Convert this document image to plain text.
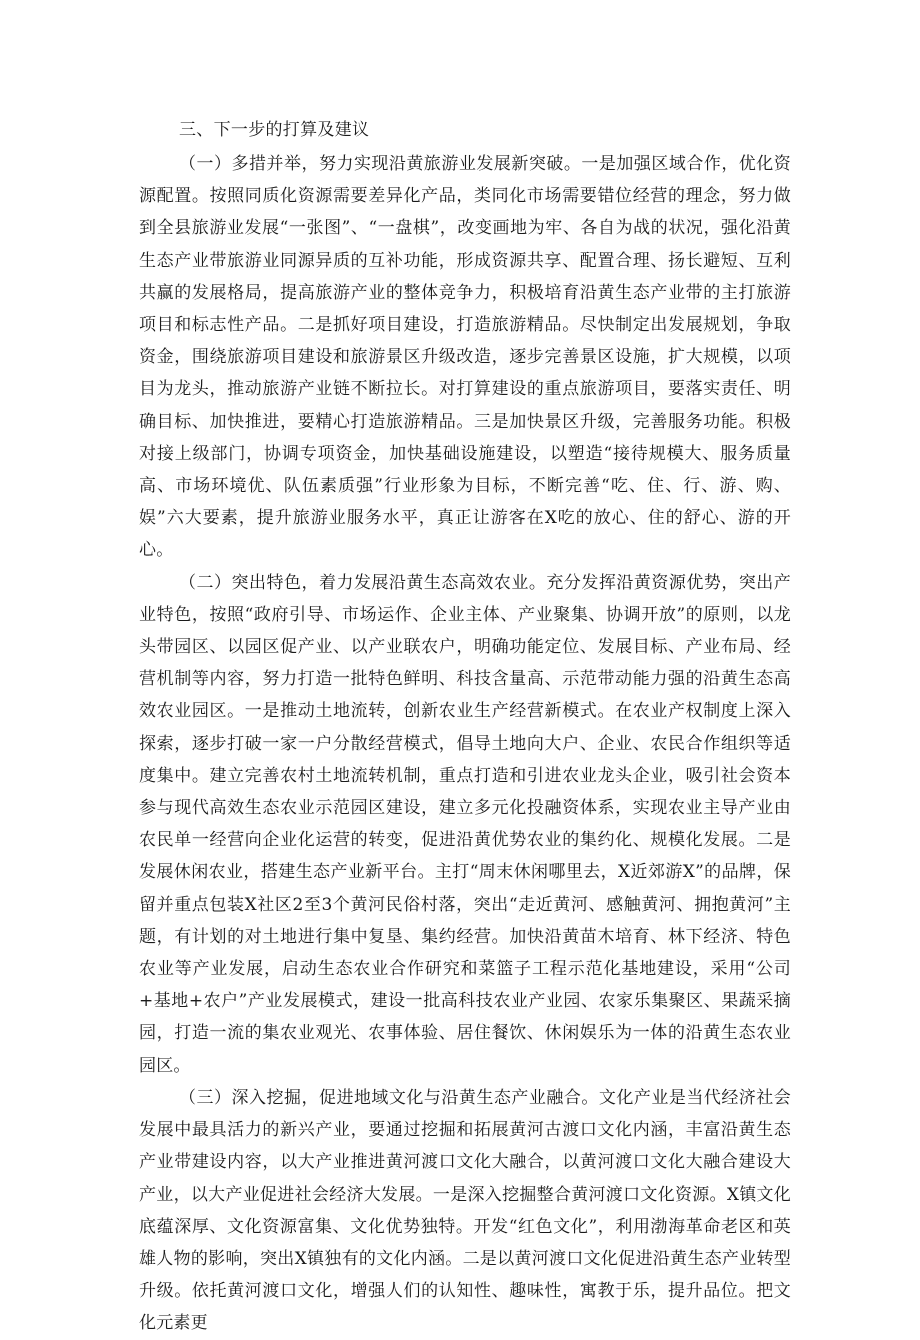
三、下一步的打算及建议

（一）多措并举，努力实现沿黄旅游业发展新突破。一是加强区域合作，优化资源配置。按照同质化资源需要差异化产品，类同化市场需要错位经营的理念，努力做到全县旅游业发展“一张图”、“一盘棋”，改变画地为牢、各自为战的状况，强化沿黄生态产业带旅游业同源异质的互补功能，形成资源共享、配置合理、扬长避短、互利共赢的发展格局，提高旅游产业的整体竞争力，积极培育沿黄生态产业带的主打旅游项目和标志性产品。二是抓好项目建设，打造旅游精品。尽快制定出发展规划，争取资金，围绕旅游项目建设和旅游景区升级改造，逐步完善景区设施，扩大规模，以项目为龙头，推动旅游产业链不断拉长。对打算建设的重点旅游项目，要落实责任、明确目标、加快推进，要精心打造旅游精品。三是加快景区升级，完善服务功能。积极对接上级部门，协调专项资金，加快基础设施建设，以塑造“接待规模大、服务质量高、市场环境优、队伍素质强”行业形象为目标，不断完善“吃、住、行、游、购、娱”六大要素，提升旅游业服务水平，真正让游客在X吃的放心、住的舒心、游的开心。

（二）突出特色，着力发展沿黄生态高效农业。充分发挥沿黄资源优势，突出产业特色，按照“政府引导、市场运作、企业主体、产业聚集、协调开放”的原则，以龙头带园区、以园区促产业、以产业联农户，明确功能定位、发展目标、产业布局、经营机制等内容，努力打造一批特色鲜明、科技含量高、示范带动能力强的沿黄生态高效农业园区。一是推动土地流转，创新农业生产经营新模式。在农业产权制度上深入探索，逐步打破一家一户分散经营模式，倡导土地向大户、企业、农民合作组织等适度集中。建立完善农村土地流转机制，重点打造和引进农业龙头企业，吸引社会资本参与现代高效生态农业示范园区建设，建立多元化投融资体系，实现农业主导产业由农民单一经营向企业化运营的转变，促进沿黄优势农业的集约化、规模化发展。二是发展休闲农业，搭建生态产业新平台。主打“周末休闲哪里去，X近郊游X”的品牌，保留并重点包装X社区2至3个黄河民俗村落，突出“走近黄河、感触黄河、拥抱黄河”主题，有计划的对土地进行集中复垦、集约经营。加快沿黄苗木培育、林下经济、特色农业等产业发展，启动生态农业合作研究和菜篮子工程示范化基地建设，采用“公司+基地+农户”产业发展模式，建设一批高科技农业产业园、农家乐集聚区、果蔬采摘园，打造一流的集农业观光、农事体验、居住餐饮、休闲娱乐为一体的沿黄生态农业园区。

（三）深入挖掘，促进地域文化与沿黄生态产业融合。文化产业是当代经济社会发展中最具活力的新兴产业，要通过挖掘和拓展黄河古渡口文化内涵，丰富沿黄生态产业带建设内容，以大产业推进黄河渡口文化大融合，以黄河渡口文化大融合建设大产业，以大产业促进社会经济大发展。一是深入挖掘整合黄河渡口文化资源。X镇文化底蕴深厚、文化资源富集、文化优势独特。开发“红色文化”，利用渤海革命老区和英雄人物的影响，突出X镇独有的文化内涵。二是以黄河渡口文化促进沿黄生态产业转型升级。依托黄河渡口文化，增强人们的认知性、趣味性，寓教于乐，提升品位。把文化元素更
